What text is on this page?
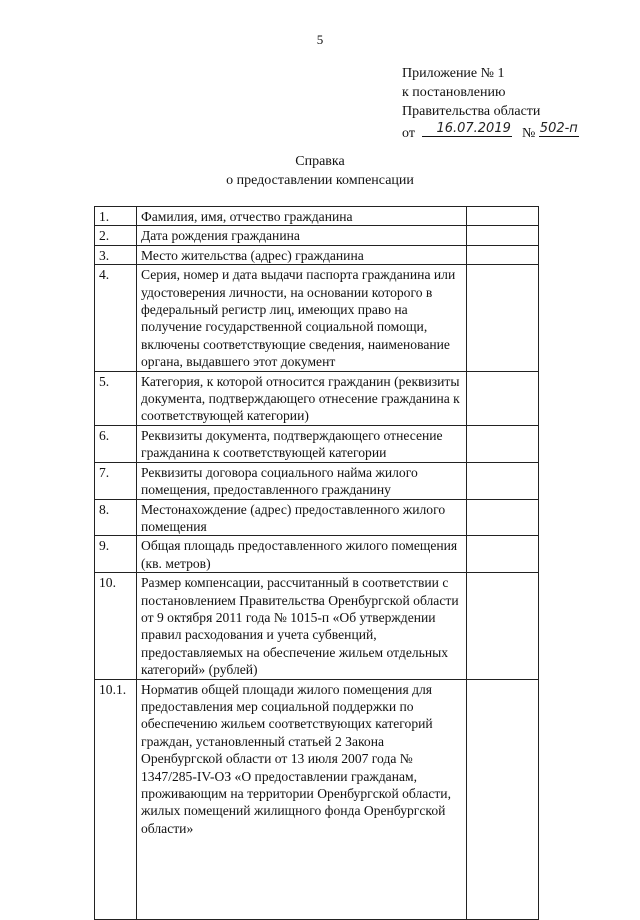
5
Приложение № 1
к постановлению
Правительства области
от 16.07.2019 № 502-п
Справка
о предоставлении компенсации
1.	Фамилия, имя, отчество гражданина	
2.	Дата рождения гражданина	
3.	Место жительства (адрес) гражданина	
4.	Серия, номер и дата выдачи паспорта гражданина или удостоверения личности, на основании которого в федеральный регистр лиц, имеющих право на получение государственной социальной помощи, включены соответствующие сведения, наименование органа, выдавшего этот документ	
5.	Категория, к которой относится гражданин (реквизиты документа, подтверждающего отнесение гражданина к соответствующей категории)	
6.	Реквизиты документа, подтверждающего отнесение гражданина к соответствующей категории	
7.	Реквизиты договора социального найма жилого помещения, предоставленного гражданину	
8.	Местонахождение (адрес) предоставленного жилого помещения	
9.	Общая площадь предоставленного жилого помещения (кв. метров)	
10.	Размер компенсации, рассчитанный в соответствии с постановлением Правительства Оренбургской области от 9 октября 2011 года № 1015-п «Об утверждении правил расходования и учета субвенций, предоставляемых на обеспечение жильем отдельных категорий» (рублей)	
10.1.	Норматив общей площади жилого помещения для предоставления мер социальной поддержки по обеспечению жильем соответствующих категорий граждан, установленный статьей 2 Закона Оренбургской области от 13 июля 2007 года № 1347/285-IV-ОЗ «О предоставлении гражданам, проживающим на территории Оренбургской области, жилых помещений жилищного фонда Оренбургской области»	
